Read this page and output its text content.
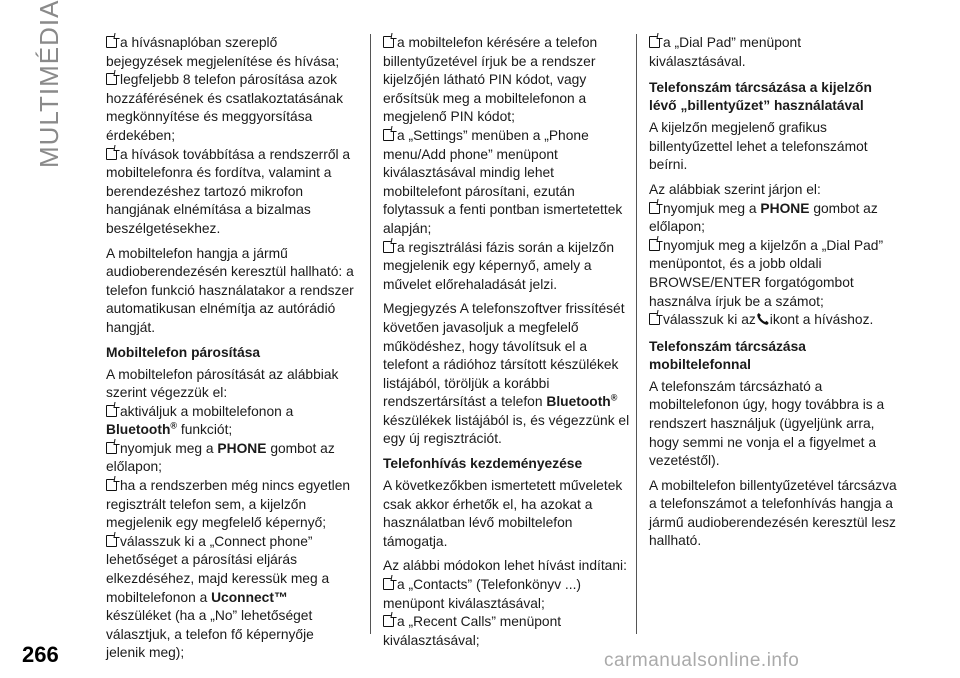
MULTIMÉDIA	a hívásnaplóban szereplő bejegyzések megjelenítése és hívása;

legfeljebb 8 telefon párosítása azok hozzáférésének és csatlakoztatásának megkönnyítése és meggyorsítása érdekében;

a hívások továbbítása a rendszerről a mobiltelefonra és fordítva, valamint a berendezéshez tartozó mikrofon hangjának elnémítása a bizalmas beszélgetésekhez.

A mobiltelefon hangja a jármű audioberendezésén keresztül hallható: a telefon funkció használatakor a rendszer automatikusan elnémítja az autórádió hangját.

Mobiltelefon párosítása

A mobiltelefon párosítását az alábbiak szerint végezzük el:

aktiváljuk a mobiltelefonon a Bluetooth® funkciót;

nyomjuk meg a PHONE gombot az előlapon;

ha a rendszerben még nincs egyetlen regisztrált telefon sem, a kijelzőn megjelenik egy megfelelő képernyő;

válasszuk ki a „Connect phone” lehetőséget a párosítási eljárás elkezdéséhez, majd keressük meg a mobiltelefonon a Uconnect™ készüléket (ha a „No” lehetőséget választjuk, a telefon fő képernyője jelenik meg);

a mobiltelefon kérésére a telefon billentyűzetével írjuk be a rendszer kijelzőjén látható PIN kódot, vagy erősítsük meg a mobiltelefonon a megjelenő PIN kódot;

a „Settings” menüben a „Phone menu/Add phone” menüpont kiválasztásával mindig lehet mobiltelefont párosítani, ezután folytassuk a fenti pontban ismertetettek alapján;

a regisztrálási fázis során a kijelzőn megjelenik egy képernyő, amely a művelet előrehaladását jelzi.

Megjegyzés A telefonszoftver frissítését követően javasoljuk a megfelelő működéshez, hogy távolítsuk el a telefont a rádióhoz társított készülékek listájából, töröljük a korábbi rendszertársítást a telefon Bluetooth® készülékek listájából is, és végezzünk el egy új regisztrációt.

Telefonhívás kezdeményezése

A következőkben ismertetett műveletek csak akkor érhetők el, ha azokat a használatban lévő mobiltelefon támogatja.

Az alábbi módokon lehet hívást indítani:

a „Contacts” (Telefonkönyv ...) menüpont kiválasztásával;

a „Recent Calls” menüpont kiválasztásával;

a „Dial Pad” menüpont kiválasztásával.

Telefonszám tárcsázása a kijelzőn lévő „billentyűzet” használatával

A kijelzőn megjelenő grafikus billentyűzettel lehet a telefonszámot beírni.

Az alábbiak szerint járjon el:

nyomjuk meg a PHONE gombot az előlapon;

nyomjuk meg a kijelzőn a „Dial Pad” menüpontot, és a jobb oldali BROWSE/ENTER forgatógombot használva írjuk be a számot;

válasszuk ki az ikont a híváshoz.

Telefonszám tárcsázása mobiltelefonnal

A telefonszám tárcsázható a mobiltelefonon úgy, hogy továbbra is a rendszert használjuk (ügyeljünk arra, hogy semmi ne vonja el a figyelmet a vezetéstől).

A mobiltelefon billentyűzetével tárcsázva a telefonszámot a telefonhívás hangja a jármű audioberendezésén keresztül lesz hallható.

266	carmanualsonline.info
